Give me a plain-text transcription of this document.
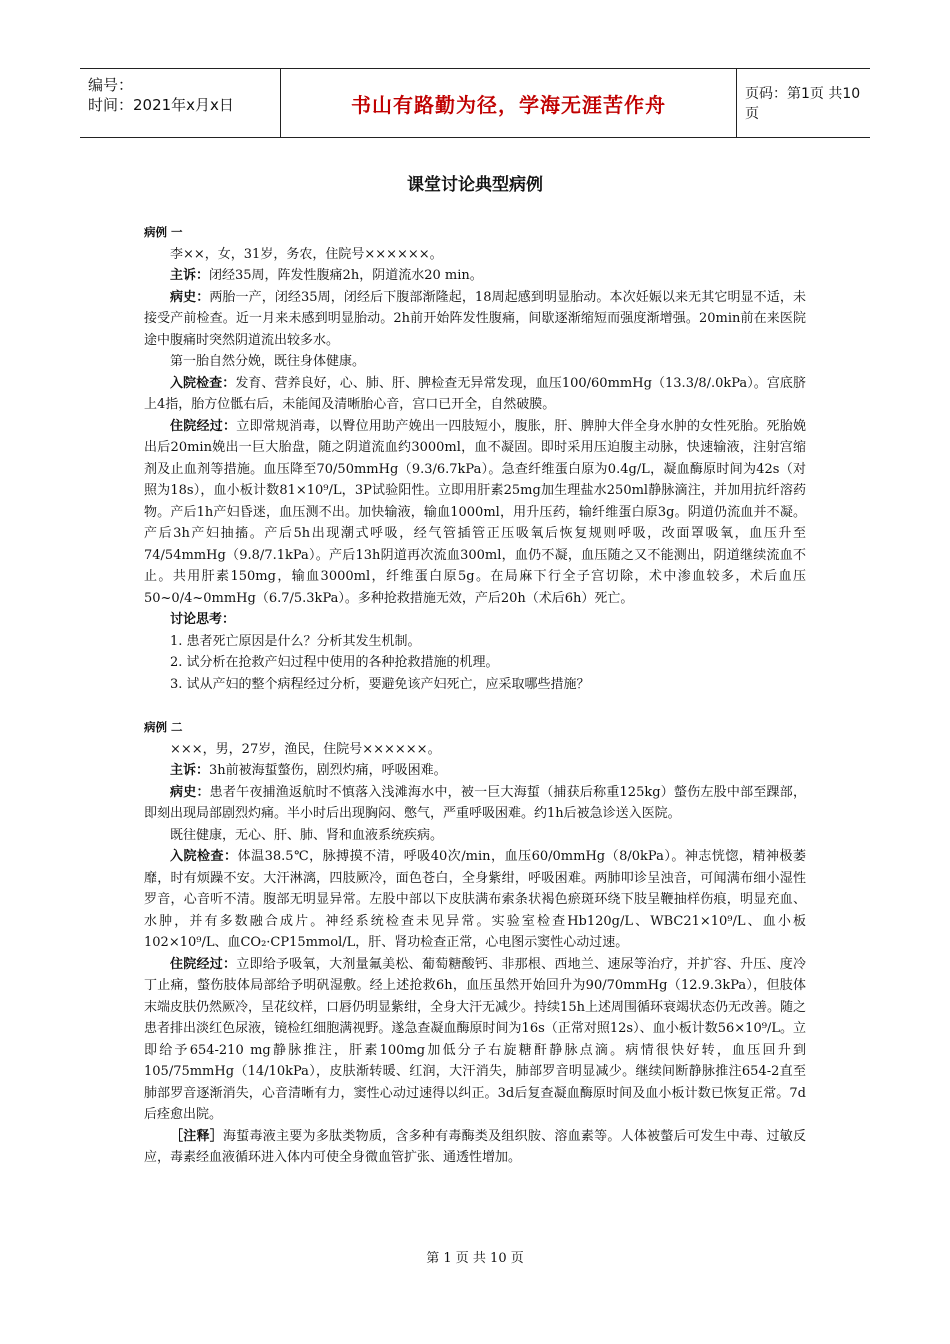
编号：
时间：2021年x月x日	书山有路勤为径，学海无涯苦作舟	页码：第1页 共10页
课堂讨论典型病例
病例 一

李××，女，31岁，务农，住院号××××××。

主诉：闭经35周，阵发性腹痛2h，阴道流水20 min。

病史：两胎一产，闭经35周，闭经后下腹部渐隆起，18周起感到明显胎动。本次妊娠以来无其它明显不适，未接受产前检查。近一月来未感到明显胎动。2h前开始阵发性腹痛，间歇逐渐缩短而强度渐增强。20min前在来医院途中腹痛时突然阴道流出较多水。

第一胎自然分娩，既往身体健康。

入院检查：发育、营养良好，心、肺、肝、脾检查无异常发现，血压100/60mmHg（13.3/8/.0kPa）。宫底脐上4指，胎方位骶右后，未能闻及清晰胎心音，宫口已开全，自然破膜。

住院经过：立即常规消毒，以臀位用助产娩出一四肢短小，腹胀，肝、脾肿大伴全身水肿的女性死胎。死胎娩出后20min娩出一巨大胎盘，随之阴道流血约3000ml，血不凝固。即时采用压迫腹主动脉，快速输液，注射宫缩剂及止血剂等措施。血压降至70/50mmHg（9.3/6.7kPa）。急查纤维蛋白原为0.4g/L，凝血酶原时间为42s（对照为18s），血小板计数81×10⁹/L，3P试验阳性。立即用肝素25mg加生理盐水250ml静脉滴注，并加用抗纤溶药物。产后1h产妇昏迷，血压测不出。加快输液，输血1000ml，用升压药，输纤维蛋白原3g。阴道仍流血并不凝。产后3h产妇抽搐。产后5h出现潮式呼吸，经气管插管正压吸氧后恢复规则呼吸，改面罩吸氧，血压升至74/54mmHg（9.8/7.1kPa）。产后13h阴道再次流血300ml，血仍不凝，血压随之又不能测出，阴道继续流血不止。共用肝素150mg，输血3000ml，纤维蛋白原5g。在局麻下行全子宫切除，术中渗血较多，术后血压50~0/4~0mmHg（6.7/5.3kPa）。多种抢救措施无效，产后20h（术后6h）死亡。

讨论思考：

1. 患者死亡原因是什么？分析其发生机制。

2. 试分析在抢救产妇过程中使用的各种抢救措施的机理。

3. 试从产妇的整个病程经过分析，要避免该产妇死亡，应采取哪些措施？

病例 二

×××，男，27岁，渔民，住院号××××××。

主诉：3h前被海蜇螫伤，剧烈灼痛，呼吸困难。

病史：患者午夜捕渔返航时不慎落入浅滩海水中，被一巨大海蜇（捕获后称重125kg）螫伤左股中部至踝部，即刻出现局部剧烈灼痛。半小时后出现胸闷、憋气，严重呼吸困难。约1h后被急诊送入医院。

既往健康，无心、肝、肺、肾和血液系统疾病。

入院检查：体温38.5℃，脉搏摸不清，呼吸40次/min，血压60/0mmHg（8/0kPa）。神志恍惚，精神极萎靡，时有烦躁不安。大汗淋漓，四肢厥冷，面色苍白，全身紫绀，呼吸困难。两肺叩诊呈浊音，可闻满布细小湿性罗音，心音听不清。腹部无明显异常。左股中部以下皮肤满布索条状褐色瘀斑环绕下肢呈鞭抽样伤痕，明显充血、水肿，并有多数融合成片。神经系统检查未见异常。实验室检查Hb120g/L、WBC21×10⁹/L、血小板102×10⁹/L、血CO₂·CP15mmol/L，肝、肾功检查正常，心电图示窦性心动过速。

住院经过：立即给予吸氧，大剂量氟美松、葡萄糖酸钙、非那根、西地兰、速尿等治疗，并扩容、升压、度冷丁止痛，螫伤肢体局部给予明矾湿敷。经上述抢救6h，血压虽然开始回升为90/70mmHg（12.9.3kPa），但肢体末端皮肤仍然厥冷，呈花纹样，口唇仍明显紫绀，全身大汗无减少。持续15h上述周围循环衰竭状态仍无改善。随之患者排出淡红色尿液，镜检红细胞满视野。遂急查凝血酶原时间为16s（正常对照12s）、血小板计数56×10⁹/L。立即给予654-210 mg静脉推注，肝素100mg加低分子右旋糖酐静脉点滴。病情很快好转，血压回升到105/75mmHg（14/10kPa），皮肤渐转暖、红润，大汗消失，肺部罗音明显减少。继续间断静脉推注654-2直至肺部罗音逐渐消失，心音清晰有力，窦性心动过速得以纠正。3d后复查凝血酶原时间及血小板计数已恢复正常。7d后痊愈出院。

［注释］海蜇毒液主要为多肽类物质，含多种有毒酶类及组织胺、溶血素等。人体被螫后可发生中毒、过敏反应，毒素经血液循环进入体内可使全身微血管扩张、通透性增加。

第 1 页 共 10 页
